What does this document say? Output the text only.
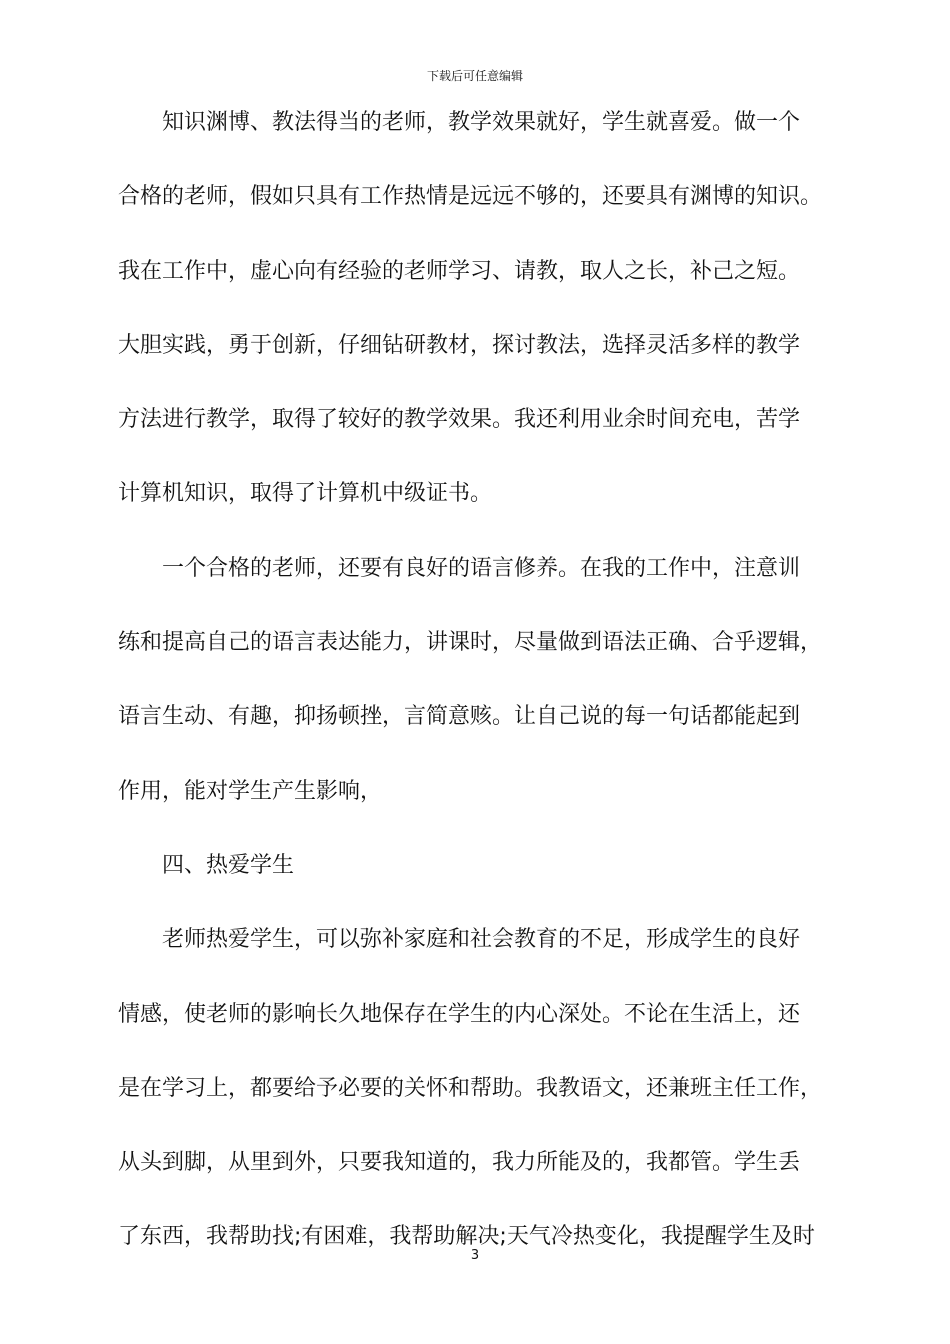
下载后可任意编辑
知识渊博、教法得当的老师，教学效果就好，学生就喜爱。做一个
合格的老师，假如只具有工作热情是远远不够的，还要具有渊博的知识。
我在工作中，虚心向有经验的老师学习、请教，取人之长，补己之短。
大胆实践，勇于创新，仔细钻研教材，探讨教法，选择灵活多样的教学
方法进行教学，取得了较好的教学效果。我还利用业余时间充电，苦学
计算机知识，取得了计算机中级证书。
一个合格的老师，还要有良好的语言修养。在我的工作中，注意训
练和提高自己的语言表达能力，讲课时，尽量做到语法正确、合乎逻辑，
语言生动、有趣，抑扬顿挫，言简意赅。让自己说的每一句话都能起到
作用，能对学生产生影响，
四、热爱学生
老师热爱学生，可以弥补家庭和社会教育的不足，形成学生的良好
情感，使老师的影响长久地保存在学生的内心深处。不论在生活上，还
是在学习上，都要给予必要的关怀和帮助。我教语文，还兼班主任工作，
从头到脚，从里到外，只要我知道的，我力所能及的，我都管。学生丢
了东西，我帮助找;有困难，我帮助解决;天气冷热变化，我提醒学生及时
3
